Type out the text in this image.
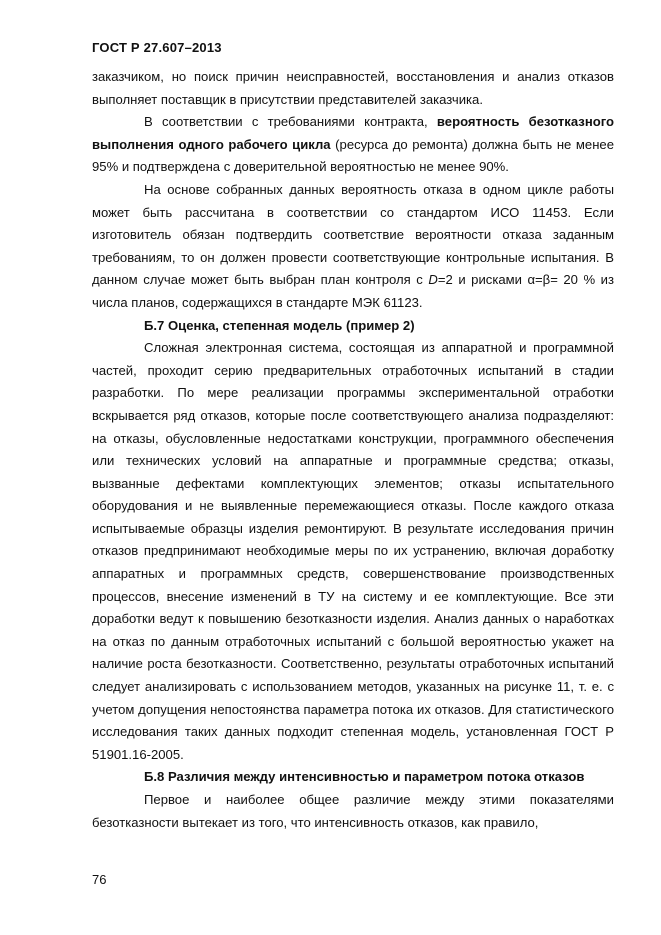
ГОСТ Р 27.607–2013

заказчиком, но поиск причин неисправностей, восстановления и анализ отказов выполняет поставщик в присутствии представителей заказчика.

В соответствии с требованиями контракта, вероятность безотказного выполнения одного рабочего цикла (ресурса до ремонта) должна быть не менее 95% и подтверждена с доверительной вероятностью не менее 90%.

На основе собранных данных вероятность отказа в одном цикле работы может быть рассчитана в соответствии со стандартом ИСО 11453. Если изготовитель обязан подтвердить соответствие вероятности отказа заданным требованиям, то он должен провести соответствующие контрольные испытания. В данном случае может быть выбран план контроля с D=2 и рисками α=β= 20 % из числа планов, содержащихся в стандарте МЭК 61123.

Б.7 Оценка, степенная модель (пример 2)

Сложная электронная система, состоящая из аппаратной и программной частей, проходит серию предварительных отработочных испытаний в стадии разработки. По мере реализации программы экспериментальной отработки вскрывается ряд отказов, которые после соответствующего анализа подразделяют: на отказы, обусловленные недостатками конструкции, программного обеспечения или технических условий на аппаратные и программные средства; отказы, вызванные дефектами комплектующих элементов; отказы испытательного оборудования и не выявленные перемежающиеся отказы. После каждого отказа испытываемые образцы изделия ремонтируют. В результате исследования причин отказов предпринимают необходимые меры по их устранению, включая доработку аппаратных и программных средств, совершенствование производственных процессов, внесение изменений в ТУ на систему и ее комплектующие. Все эти доработки ведут к повышению безотказности изделия. Анализ данных о наработках на отказ по данным отработочных испытаний с большой вероятностью укажет на наличие роста безотказности. Соответственно, результаты отработочных испытаний следует анализировать с использованием методов, указанных на рисунке 11, т. е. с учетом допущения непостоянства параметра потока их отказов. Для статистического исследования таких данных подходит степенная модель, установленная ГОСТ Р 51901.16-2005.

Б.8 Различия между интенсивностью и параметром потока отказов

Первое и наиболее общее различие между этими показателями безотказности вытекает из того, что интенсивность отказов, как правило,

76
